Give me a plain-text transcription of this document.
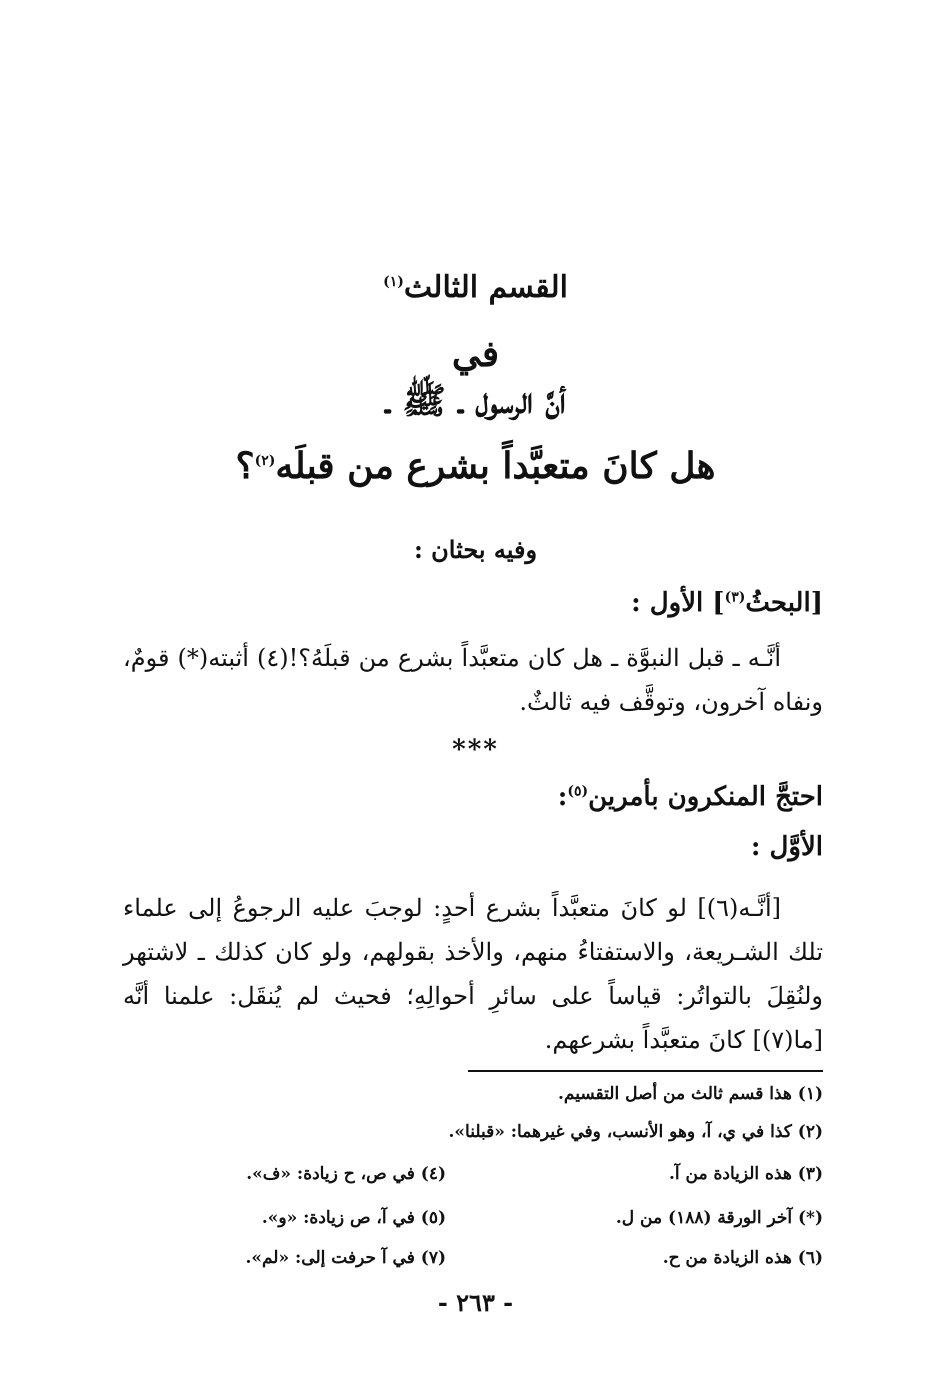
القسم الثالث$^{(١)}$

في

أنَّ الرسول ـ ﷺ ـ

هل كانَ متعبَّداً بشرع من قبلَه$^{(٢)}$؟

وفيه بحثان :
[البحثُ$^{(٣)}$] الأول :

أنَّـه ـ قبل النبوَّة ـ هل كان متعبَّداً بشرع من قبلَهُ؟!(٤) أثبته(*) قومٌ، ونفاه آخرون، وتوقَّف فيه ثالثٌ.

***
احتجَّ المنكرون بأمرين$^{(٥)}$:
الأوَّل :

[أنَّـه(٦)] لو كانَ متعبَّداً بشرع أحدٍ: لوجبَ عليه الرجوعُ إلى علماء تلك الشـريعة، والاستفتاءُ منهم، والأخذ بقولهم، ولو كان كذلك ـ لاشتهر ولنُقِلَ بالتواتُر: قياساً على سائرِ أحوالِهِ؛ فحيث لم يُنقَل: علمنا أنَّه [ما(٧)] كانَ متعبَّداً بشرعهم.

(١) هذا قسم ثالث من أصل التقسيم.
(٢) كذا في ي، آ، وهو الأنسب، وفي غيرهما: «قبلنا».
(٣) هذه الزيادة من آ.
(٤) في ص، ح زيادة: «ف».
(*) آخر الورقة (١٨٨) من ل.
(٥) في آ، ص زيادة: «و».
(٦) هذه الزيادة من ح.
(٧) في آ حرفت إلى: «لم».
- ٢٦٣ -
